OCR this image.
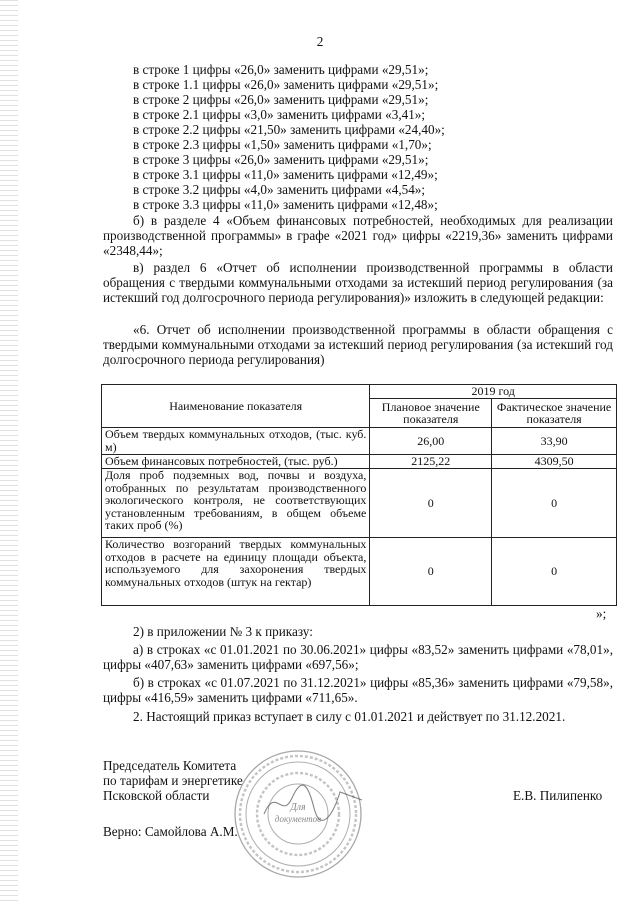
2
в строке 1 цифры «26,0» заменить цифрами «29,51»;
в строке 1.1 цифры «26,0» заменить цифрами «29,51»;
в строке 2 цифры «26,0» заменить цифрами «29,51»;
в строке 2.1 цифры «3,0» заменить цифрами «3,41»;
в строке 2.2 цифры «21,50» заменить цифрами «24,40»;
в строке 2.3 цифры «1,50» заменить цифрами «1,70»;
в строке 3 цифры «26,0» заменить цифрами «29,51»;
в строке 3.1 цифры «11,0» заменить цифрами «12,49»;
в строке 3.2 цифры «4,0» заменить цифрами «4,54»;
в строке 3.3 цифры «11,0» заменить цифрами «12,48»;
б) в разделе 4 «Объем финансовых потребностей, необходимых для реализации производственной программы» в графе «2021 год» цифры «2219,36» заменить цифрами «2348,44»;
в) раздел 6 «Отчет об исполнении производственной программы в области обращения с твердыми коммунальными отходами за истекший период регулирования (за истекший год долгосрочного периода регулирования)» изложить в следующей редакции:
«6. Отчет об исполнении производственной программы в области обращения с твердыми коммунальными отходами за истекший период регулирования (за истекший год долгосрочного периода регулирования)
Наименование показателя	2019 год	
	Плановое значение показателя	Фактическое значение показателя
Объем твердых коммунальных отходов, (тыс. куб. м)	26,00	33,90
Объем финансовых потребностей, (тыс. руб.)	2125,22	4309,50
Доля проб подземных вод, почвы и воздуха, отобранных по результатам производственного экологического контроля, не соответствующих установленным требованиям, в общем объеме таких проб (%)	0	0
Количество возгораний твердых коммунальных отходов в расчете на единицу площади объекта, используемого для захоронения твердых коммунальных отходов (штук на гектар)	0	0
»;
2) в приложении № 3 к приказу:
а) в строках «с 01.01.2021 по 30.06.2021» цифры «83,52» заменить цифрами «78,01», цифры «407,63» заменить цифрами «697,56»;
б) в строках «с 01.07.2021 по 31.12.2021» цифры «85,36» заменить цифрами «79,58», цифры «416,59» заменить цифрами «711,65».
2. Настоящий приказ вступает в силу с 01.01.2021 и действует по 31.12.2021.
Председатель Комитета
по тарифам и энергетике
Псковской области	Е.В. Пилипенко
Верно: Самойлова А.М.
Для
документов
